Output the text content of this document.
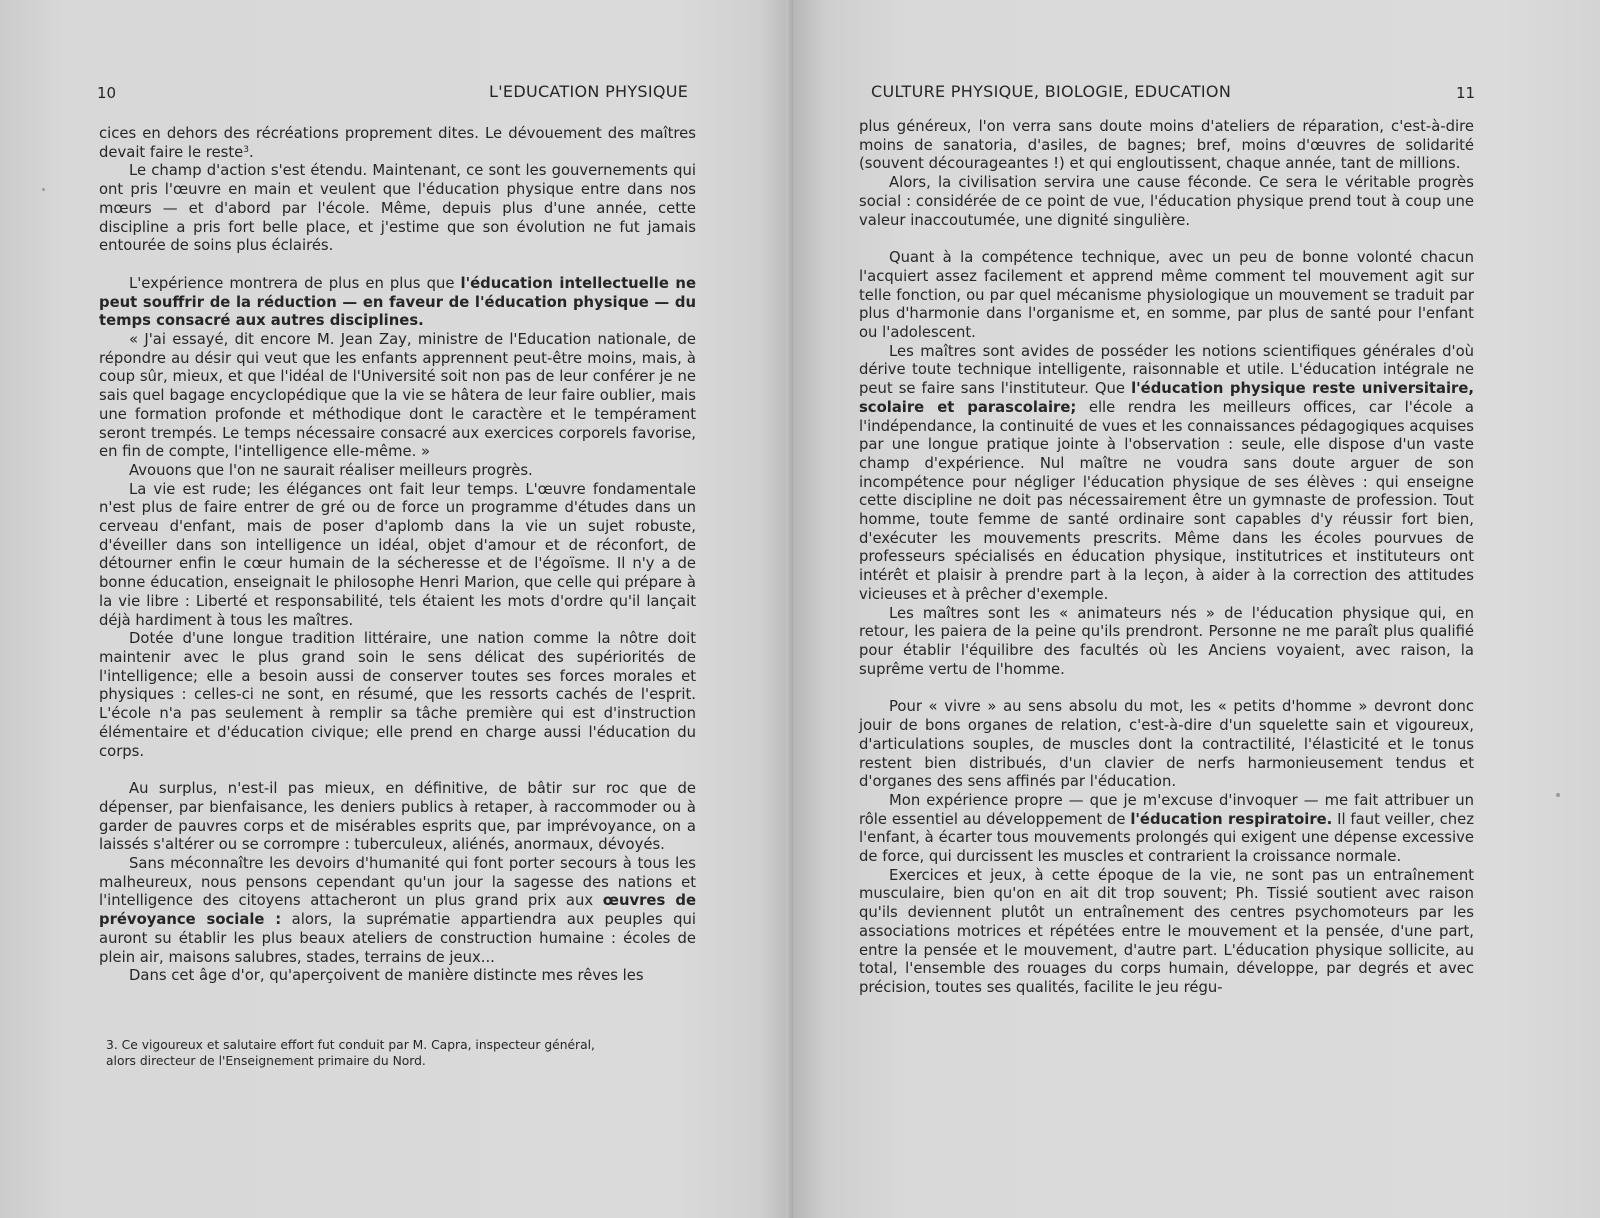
10	L'EDUCATION PHYSIQUE

cices en dehors des récréations proprement dites. Le dévouement des maîtres devait faire le reste$^3$.

Le champ d'action s'est étendu. Maintenant, ce sont les gouvernements qui ont pris l'œuvre en main et veulent que l'éducation physique entre dans nos mœurs — et d'abord par l'école. Même, depuis plus d'une année, cette discipline a pris fort belle place, et j'estime que son évolution ne fut jamais entourée de soins plus éclairés.

L'expérience montrera de plus en plus que l'éducation intellectuelle ne peut souffrir de la réduction — en faveur de l'éducation physique — du temps consacré aux autres disciplines.

« J'ai essayé, dit encore M. Jean Zay, ministre de l'Education nationale, de répondre au désir qui veut que les enfants apprennent peut-être moins, mais, à coup sûr, mieux, et que l'idéal de l'Université soit non pas de leur conférer je ne sais quel bagage encyclopédique que la vie se hâtera de leur faire oublier, mais une formation profonde et méthodique dont le caractère et le tempérament seront trempés. Le temps nécessaire consacré aux exercices corporels favorise, en fin de compte, l'intelligence elle-même. »

Avouons que l'on ne saurait réaliser meilleurs progrès.

La vie est rude; les élégances ont fait leur temps. L'œuvre fondamentale n'est plus de faire entrer de gré ou de force un programme d'études dans un cerveau d'enfant, mais de poser d'aplomb dans la vie un sujet robuste, d'éveiller dans son intelligence un idéal, objet d'amour et de réconfort, de détourner enfin le cœur humain de la sécheresse et de l'égoïsme. Il n'y a de bonne éducation, enseignait le philosophe Henri Marion, que celle qui prépare à la vie libre : Liberté et responsabilité, tels étaient les mots d'ordre qu'il lançait déjà hardiment à tous les maîtres.

Dotée d'une longue tradition littéraire, une nation comme la nôtre doit maintenir avec le plus grand soin le sens délicat des supériorités de l'intelligence; elle a besoin aussi de conserver toutes ses forces morales et physiques : celles-ci ne sont, en résumé, que les ressorts cachés de l'esprit. L'école n'a pas seulement à remplir sa tâche première qui est d'instruction élémentaire et d'éducation civique; elle prend en charge aussi l'éducation du corps.

Au surplus, n'est-il pas mieux, en définitive, de bâtir sur roc que de dépenser, par bienfaisance, les deniers publics à retaper, à raccommoder ou à garder de pauvres corps et de misérables esprits que, par imprévoyance, on a laissés s'altérer ou se corrompre : tuberculeux, aliénés, anormaux, dévoyés.

Sans méconnaître les devoirs d'humanité qui font porter secours à tous les malheureux, nous pensons cependant qu'un jour la sagesse des nations et l'intelligence des citoyens attacheront un plus grand prix aux œuvres de prévoyance sociale : alors, la suprématie appartiendra aux peuples qui auront su établir les plus beaux ateliers de construction humaine : écoles de plein air, maisons salubres, stades, terrains de jeux...

Dans cet âge d'or, qu'aperçoivent de manière distincte mes rêves les

3. Ce vigoureux et salutaire effort fut conduit par M. Capra, inspecteur général,
alors directeur de l'Enseignement primaire du Nord.
CULTURE PHYSIQUE, BIOLOGIE, EDUCATION	11

plus généreux, l'on verra sans doute moins d'ateliers de réparation, c'est-à-dire moins de sanatoria, d'asiles, de bagnes; bref, moins d'œuvres de solidarité (souvent décourageantes !) et qui engloutissent, chaque année, tant de millions.

Alors, la civilisation servira une cause féconde. Ce sera le véritable progrès social : considérée de ce point de vue, l'éducation physique prend tout à coup une valeur inaccoutumée, une dignité singulière.

Quant à la compétence technique, avec un peu de bonne volonté chacun l'acquiert assez facilement et apprend même comment tel mouvement agit sur telle fonction, ou par quel mécanisme physiologique un mouvement se traduit par plus d'harmonie dans l'organisme et, en somme, par plus de santé pour l'enfant ou l'adolescent.

Les maîtres sont avides de posséder les notions scientifiques générales d'où dérive toute technique intelligente, raisonnable et utile. L'éducation intégrale ne peut se faire sans l'instituteur. Que l'éducation physique reste universitaire, scolaire et parascolaire; elle rendra les meilleurs offices, car l'école a l'indépendance, la continuité de vues et les connaissances pédagogiques acquises par une longue pratique jointe à l'observation : seule, elle dispose d'un vaste champ d'expérience. Nul maître ne voudra sans doute arguer de son incompétence pour négliger l'éducation physique de ses élèves : qui enseigne cette discipline ne doit pas nécessairement être un gymnaste de profession. Tout homme, toute femme de santé ordinaire sont capables d'y réussir fort bien, d'exécuter les mouvements prescrits. Même dans les écoles pourvues de professeurs spécialisés en éducation physique, institutrices et instituteurs ont intérêt et plaisir à prendre part à la leçon, à aider à la correction des attitudes vicieuses et à prêcher d'exemple.

Les maîtres sont les « animateurs nés » de l'éducation physique qui, en retour, les paiera de la peine qu'ils prendront. Personne ne me paraît plus qualifié pour établir l'équilibre des facultés où les Anciens voyaient, avec raison, la suprême vertu de l'homme.

Pour « vivre » au sens absolu du mot, les « petits d'homme » devront donc jouir de bons organes de relation, c'est-à-dire d'un squelette sain et vigoureux, d'articulations souples, de muscles dont la contractilité, l'élasticité et le tonus restent bien distribués, d'un clavier de nerfs harmonieusement tendus et d'organes des sens affinés par l'éducation.

Mon expérience propre — que je m'excuse d'invoquer — me fait attribuer un rôle essentiel au développement de l'éducation respiratoire. Il faut veiller, chez l'enfant, à écarter tous mouvements prolongés qui exigent une dépense excessive de force, qui durcissent les muscles et contrarient la croissance normale.

Exercices et jeux, à cette époque de la vie, ne sont pas un entraînement musculaire, bien qu'on en ait dit trop souvent; Ph. Tissié soutient avec raison qu'ils deviennent plutôt un entraînement des centres psychomoteurs par les associations motrices et répétées entre le mouvement et la pensée, d'une part, entre la pensée et le mouvement, d'autre part. L'éducation physique sollicite, au total, l'ensemble des rouages du corps humain, développe, par degrés et avec précision, toutes ses qualités, facilite le jeu régu-
